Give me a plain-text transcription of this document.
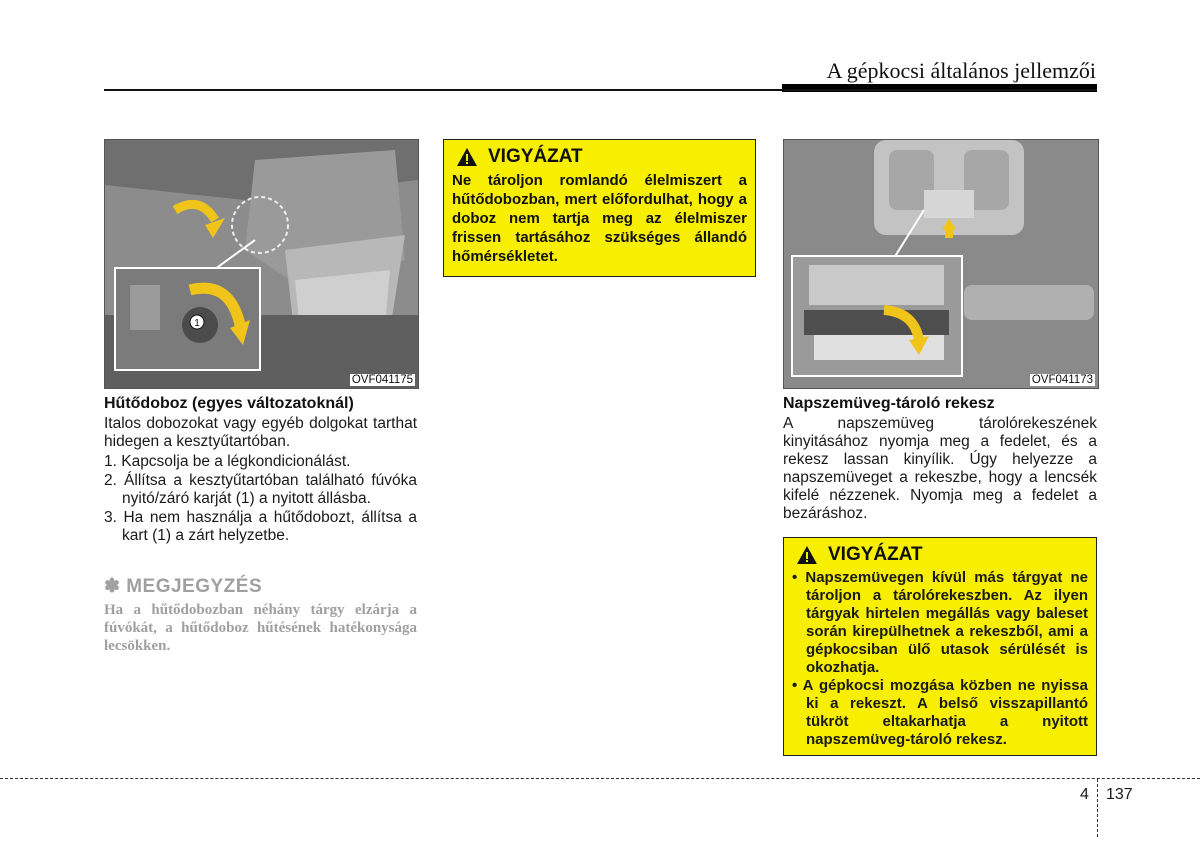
A gépkocsi általános jellemzői
1
OVF041175
Hűtődoboz (egyes változatoknál)

Italos dobozokat vagy egyéb dolgokat tarthat hidegen a kesztyűtartóban.

1. Kapcsolja be a légkondicionálást.
2. Állítsa a kesztyűtartóban található fúvóka nyitó/záró karját (1) a nyitott állásba.
3. Ha nem használja a hűtődobozt, állítsa a kart (1) a zárt helyzetbe.
✽ MEGJEGYZÉS
Ha a hűtődobozban néhány tárgy elzárja a fúvókát, a hűtődoboz hűtésének hatékonysága lecsökken.
VIGYÁZAT
Ne tároljon romlandó élelmiszert a hűtődobozban, mert előfordulhat, hogy a doboz nem tartja meg az élelmiszer frissen tartásához szükséges állandó hőmérsékletet.
OVF041173
Napszemüveg-tároló rekesz

A napszemüveg tárolórekeszének kinyitásához nyomja meg a fedelet, és a rekesz lassan kinyílik. Úgy helyezze a napszemüveget a rekeszbe, hogy a lencsék kifelé nézzenek. Nyomja meg a fedelet a bezáráshoz.

VIGYÁZAT
• Napszemüvegen kívül más tárgyat ne tároljon a tárolórekeszben. Az ilyen tárgyak hirtelen megállás vagy baleset során kirepülhetnek a rekeszből, ami a gépkocsiban ülő utasok sérülését is okozhatja.
• A gépkocsi mozgása közben ne nyissa ki a rekeszt. A belső visszapillantó tükröt eltakarhatja a nyitott napszemüveg-tároló rekesz.
4 137
